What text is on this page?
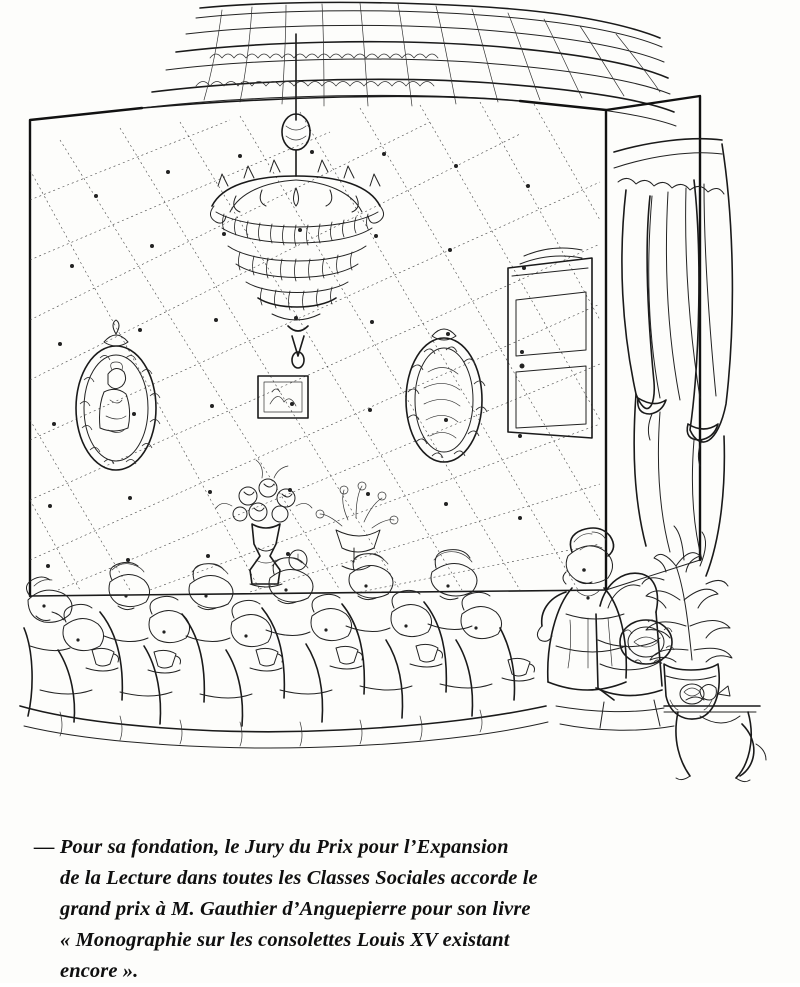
— Pour sa fondation, le Jury du Prix pour l’Expansion
de la Lecture dans toutes les Classes Sociales accorde le
grand prix à M. Gauthier d’Anguepierre pour son livre
« Monographie sur les consolettes Louis XV existant
encore ».
